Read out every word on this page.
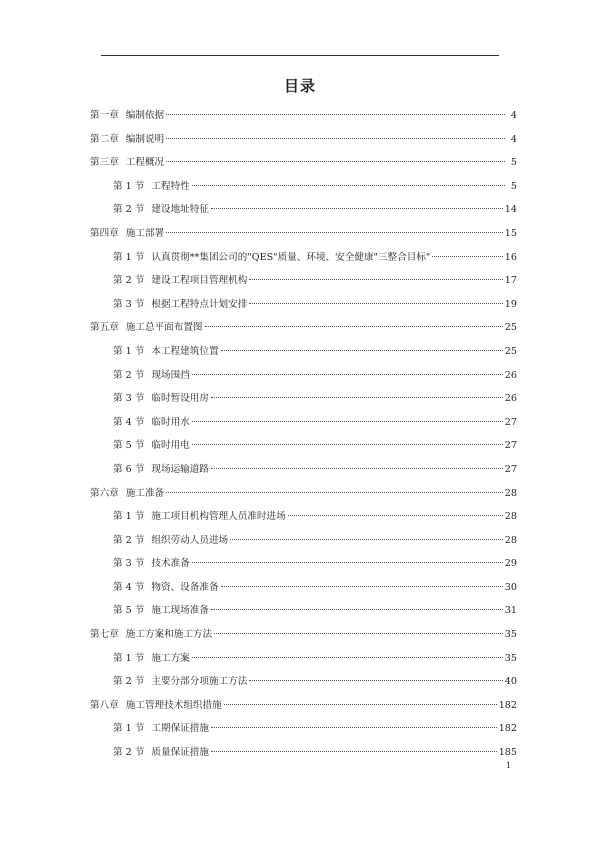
目录
第一章 编制依据	4
第二章 编制说明	4
第三章 工程概况	5
第 1 节 工程特性	5
第 2 节 建设地址特征	14
第四章 施工部署	15
第 1 节 认真贯彻**集团公司的"QES"质量、环境、安全健康"三整合目标"	16
第 2 节 建设工程项目管理机构	17
第 3 节 根据工程特点计划安排	19
第五章 施工总平面布置图	25
第 1 节 本工程建筑位置	25
第 2 节 现场围挡	26
第 3 节 临时暂设用房	26
第 4 节 临时用水	27
第 5 节 临时用电	27
第 6 节 现场运输道路	27
第六章 施工准备	28
第 1 节 施工项目机构管理人员准时进场	28
第 2 节 组织劳动人员进场	28
第 3 节 技术准备	29
第 4 节 物资、设备准备	30
第 5 节 施工现场准备	31
第七章 施工方案和施工方法	35
第 1 节 施工方案	35
第 2 节 主要分部分项施工方法	40
第八章 施工管理技术组织措施	182
第 1 节 工期保证措施	182
第 2 节 质量保证措施	185
1
